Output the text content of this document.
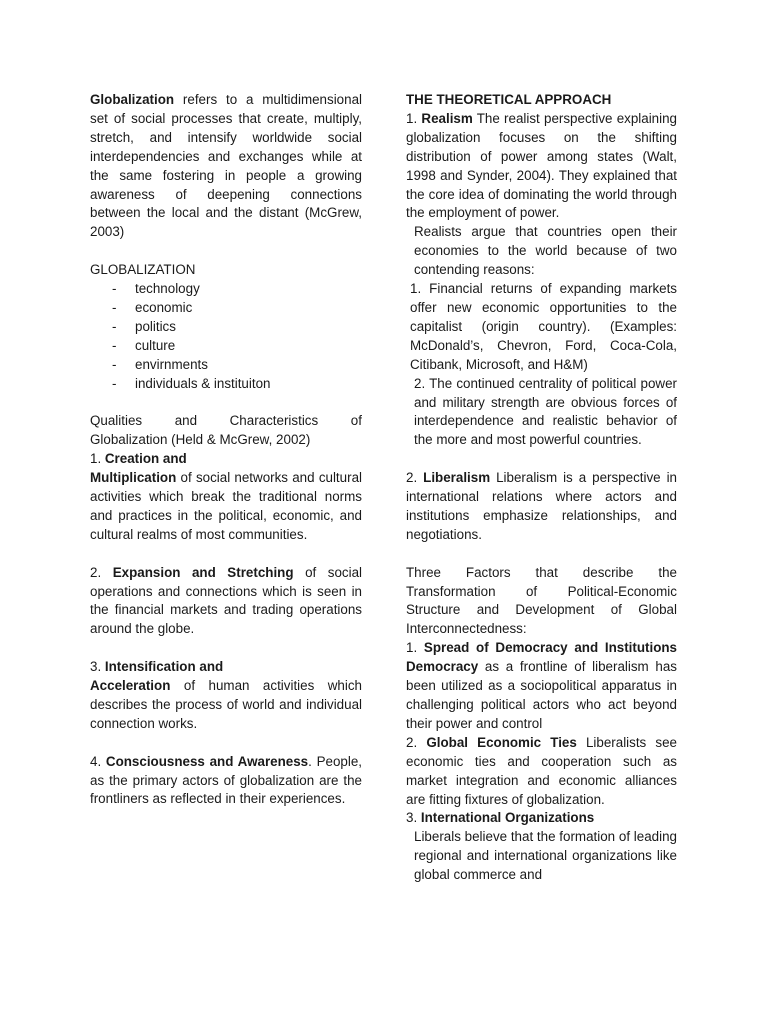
Globalization refers to a multidimensional set of social processes that create, multiply, stretch, and intensify worldwide social interdependencies and exchanges while at the same fostering in people a growing awareness of deepening connections between the local and the distant (McGrew, 2003)

GLOBALIZATION

- technology
- economic
- politics
- culture
- envirnments
- individuals & instituiton
Qualities and Characteristics of

Globalization (Held & McGrew, 2002)

1. Creation and

Multiplication of social networks and cultural activities which break the traditional norms and practices in the political, economic, and cultural realms of most communities.

2. Expansion and Stretching of social operations and connections which is seen in the financial markets and trading operations around the globe.

3. Intensification and

Acceleration of human activities which describes the process of world and individual connection works.

4. Consciousness and Awareness. People, as the primary actors of globalization are the frontliners as reflected in their experiences.

THE THEORETICAL APPROACH

1. Realism The realist perspective explaining globalization focuses on the shifting distribution of power among states (Walt, 1998 and Synder, 2004). They explained that the core idea of dominating the world through the employment of power.

Realists argue that countries open their economies to the world because of two contending reasons:

1. Financial returns of expanding markets offer new economic opportunities to the capitalist (origin country). (Examples: McDonald’s, Chevron, Ford, Coca-Cola, Citibank, Microsoft, and H&M)

2. The continued centrality of political power and military strength are obvious forces of interdependence and realistic behavior of the more and most powerful countries.

2. Liberalism Liberalism is a perspective in international relations where actors and institutions emphasize relationships, and negotiations.

Three Factors that describe the
Transformation of Political-Economic
Structure and Development of Global

Interconnectedness:

1. Spread of Democracy and Institutions Democracy as a frontline of liberalism has been utilized as a sociopolitical apparatus in challenging political actors who act beyond their power and control

2. Global Economic Ties Liberalists see economic ties and cooperation such as market integration and economic alliances are fitting fixtures of globalization.

3. International Organizations

Liberals believe that the formation of leading regional and international organizations like global commerce and
